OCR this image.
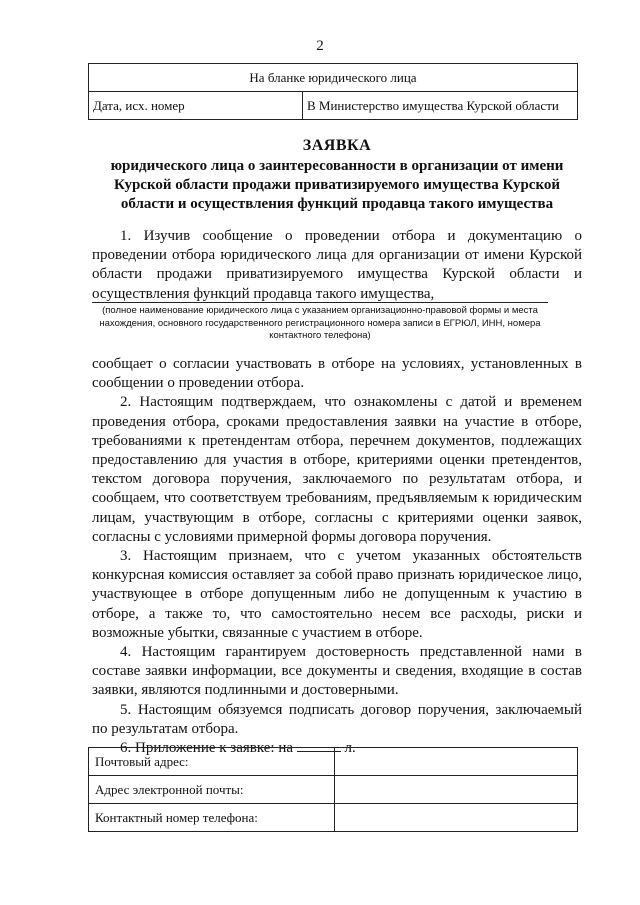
2
На бланке юридического лица
Дата, исх. номер	В Министерство имущества Курской области
ЗАЯВКА
юридического лица о заинтересованности в организации от имени Курской области продажи приватизируемого имущества Курской области и осуществления функций продавца такого имущества
1. Изучив сообщение о проведении отбора и документацию о проведении отбора юридического лица для организации от имени Курской области продажи приватизируемого имущества Курской области и осуществления функций продавца такого имущества,
(полное наименование юридического лица с указанием организационно-правовой формы и места нахождения, основного государственного регистрационного номера записи в ЕГРЮЛ, ИНН, номера контактного телефона)

сообщает о согласии участвовать в отборе на условиях, установленных в сообщении о проведении отбора.

2. Настоящим подтверждаем, что ознакомлены с датой и временем проведения отбора, сроками предоставления заявки на участие в отборе, требованиями к претендентам отбора, перечнем документов, подлежащих предоставлению для участия в отборе, критериями оценки претендентов, текстом договора поручения, заключаемого по результатам отбора, и сообщаем, что соответствуем требованиям, предъявляемым к юридическим лицам, участвующим в отборе, согласны с критериями оценки заявок, согласны с условиями примерной формы договора поручения.

3. Настоящим признаем, что с учетом указанных обстоятельств конкурсная комиссия оставляет за собой право признать юридическое лицо, участвующее в отборе допущенным либо не допущенным к участию в отборе, а также то, что самостоятельно несем все расходы, риски и возможные убытки, связанные с участием в отборе.

4. Настоящим гарантируем достоверность представленной нами в составе заявки информации, все документы и сведения, входящие в состав заявки, являются подлинными и достоверными.

5. Настоящим обязуемся подписать договор поручения, заключаемый по результатам отбора.

6. Приложение к заявке: на	л.

Почтовый адрес:	
Адрес электронной почты:	
Контактный номер телефона:	
